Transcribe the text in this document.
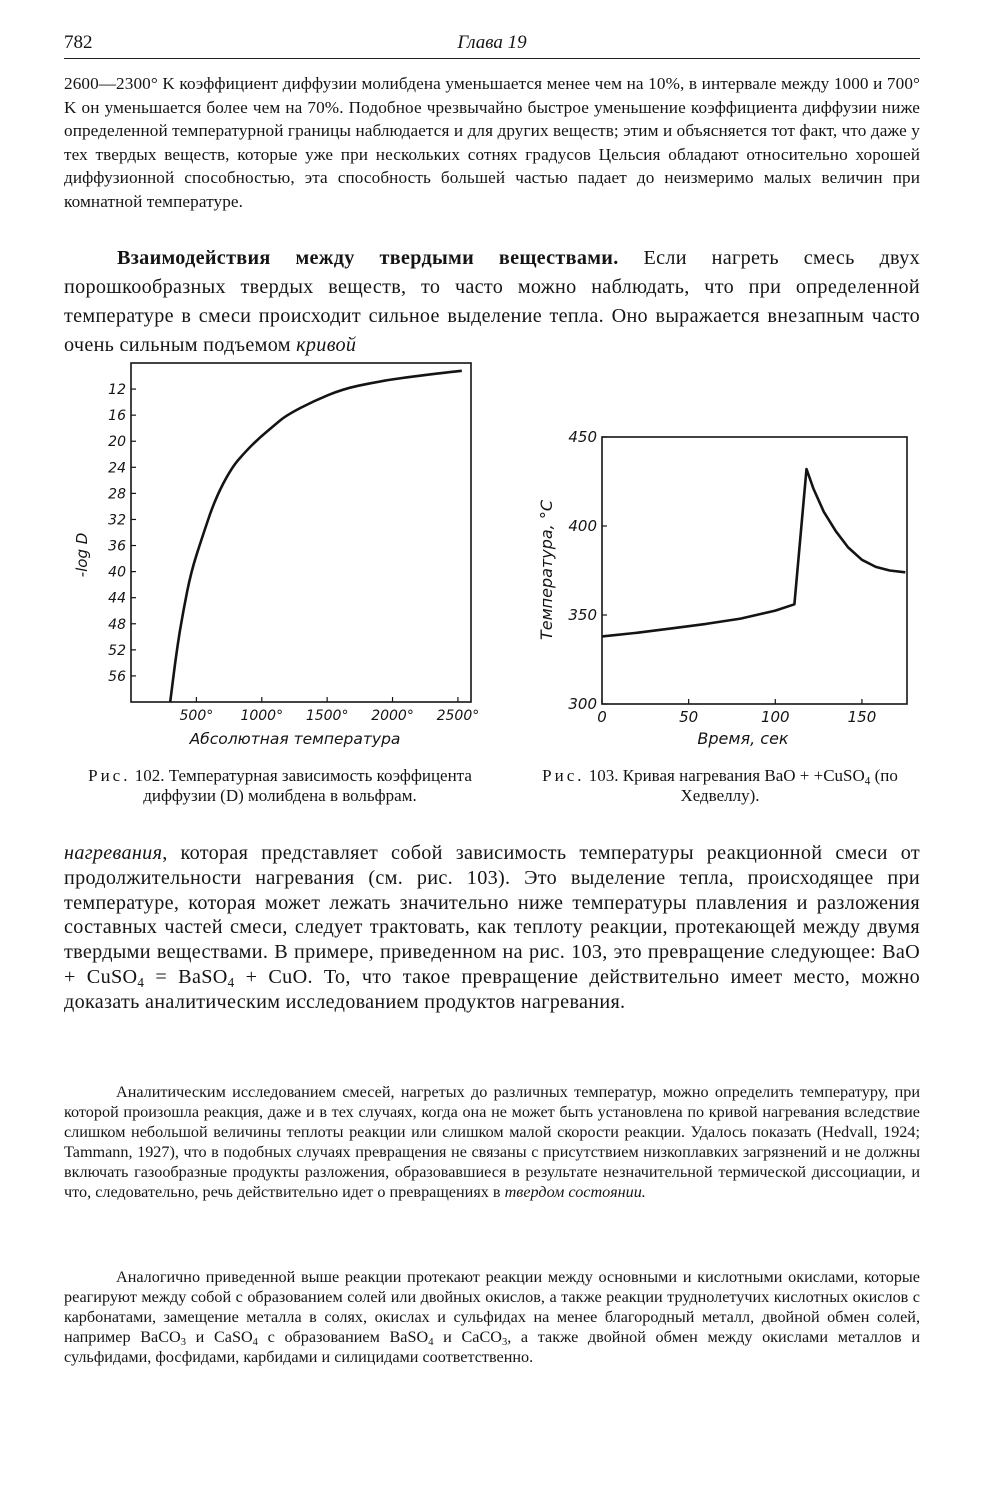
782	Глава 19
2600—2300° K коэффициент диффузии молибдена уменьшается менее чем на 10%, в интервале между 1000 и 700° K он уменьшается более чем на 70%. Подобное чрезвычайно быстрое уменьшение коэффициента диффузии ниже определенной температурной границы наблюдается и для других веществ; этим и объясняется тот факт, что даже у тех твердых веществ, которые уже при нескольких сотнях градусов Цельсия обладают относительно хорошей диффузионной способностью, эта способность большей частью падает до неизмеримо малых величин при комнатной температуре.
Взаимодействия между твердыми веществами. Если нагреть смесь двух порошкообразных твердых веществ, то часто можно наблюдать, что при определенной температуре в смеси происходит сильное выделение тепла. Оно выражается внезапным часто очень сильным подъемом кривой
12
16
20
24
28
32
36
40
44
48
52
56
500° 1000° 1500° 2000° 2500°
-log D
Абсолютная температура
300
350
400
450
0	50	100	150
Температура, °C
Время, сек
Рис. 102. Температурная зависимость коэффицента диффузии (D) молибдена в вольфрам.
Рис. 103. Кривая нагревания BaO + +CuSO$_4$ (по Хедвеллу).
нагревания, которая представляет собой зависимость температуры реакционной смеси от продолжительности нагревания (см. рис. 103). Это выделение тепла, происходящее при температуре, которая может лежать значительно ниже температуры плавления и разложения составных частей смеси, следует трактовать, как теплоту реакции, протекающей между двумя твердыми веществами. В примере, приведенном на рис. 103, это превращение следующее: BaO + CuSO$_4$ = BaSO$_4$ + CuO. То, что такое превращение действительно имеет место, можно доказать аналитическим исследованием продуктов нагревания.
Аналитическим исследованием смесей, нагретых до различных температур, можно определить температуру, при которой произошла реакция, даже и в тех случаях, когда она не может быть установлена по кривой нагревания вследствие слишком небольшой величины теплоты реакции или слишком малой скорости реакции. Удалось показать (Hedvall, 1924; Tammann, 1927), что в подобных случаях превращения не связаны с присутствием низкоплавких загрязнений и не должны включать газообразные продукты разложения, образовавшиеся в результате незначительной термической диссоциации, и что, следовательно, речь действительно идет о превращениях в твердом состоянии.
Аналогично приведенной выше реакции протекают реакции между основными и кислотными окислами, которые реагируют между собой с образованием солей или двойных окислов, а также реакции труднолетучих кислотных окислов с карбонатами, замещение металла в солях, окислах и сульфидах на менее благородный металл, двойной обмен солей, например BaCO$_3$ и CaSO$_4$ с образованием BaSO$_4$ и CaCO$_3$, а также двойной обмен между окислами металлов и сульфидами, фосфидами, карбидами и силицидами соответственно.
